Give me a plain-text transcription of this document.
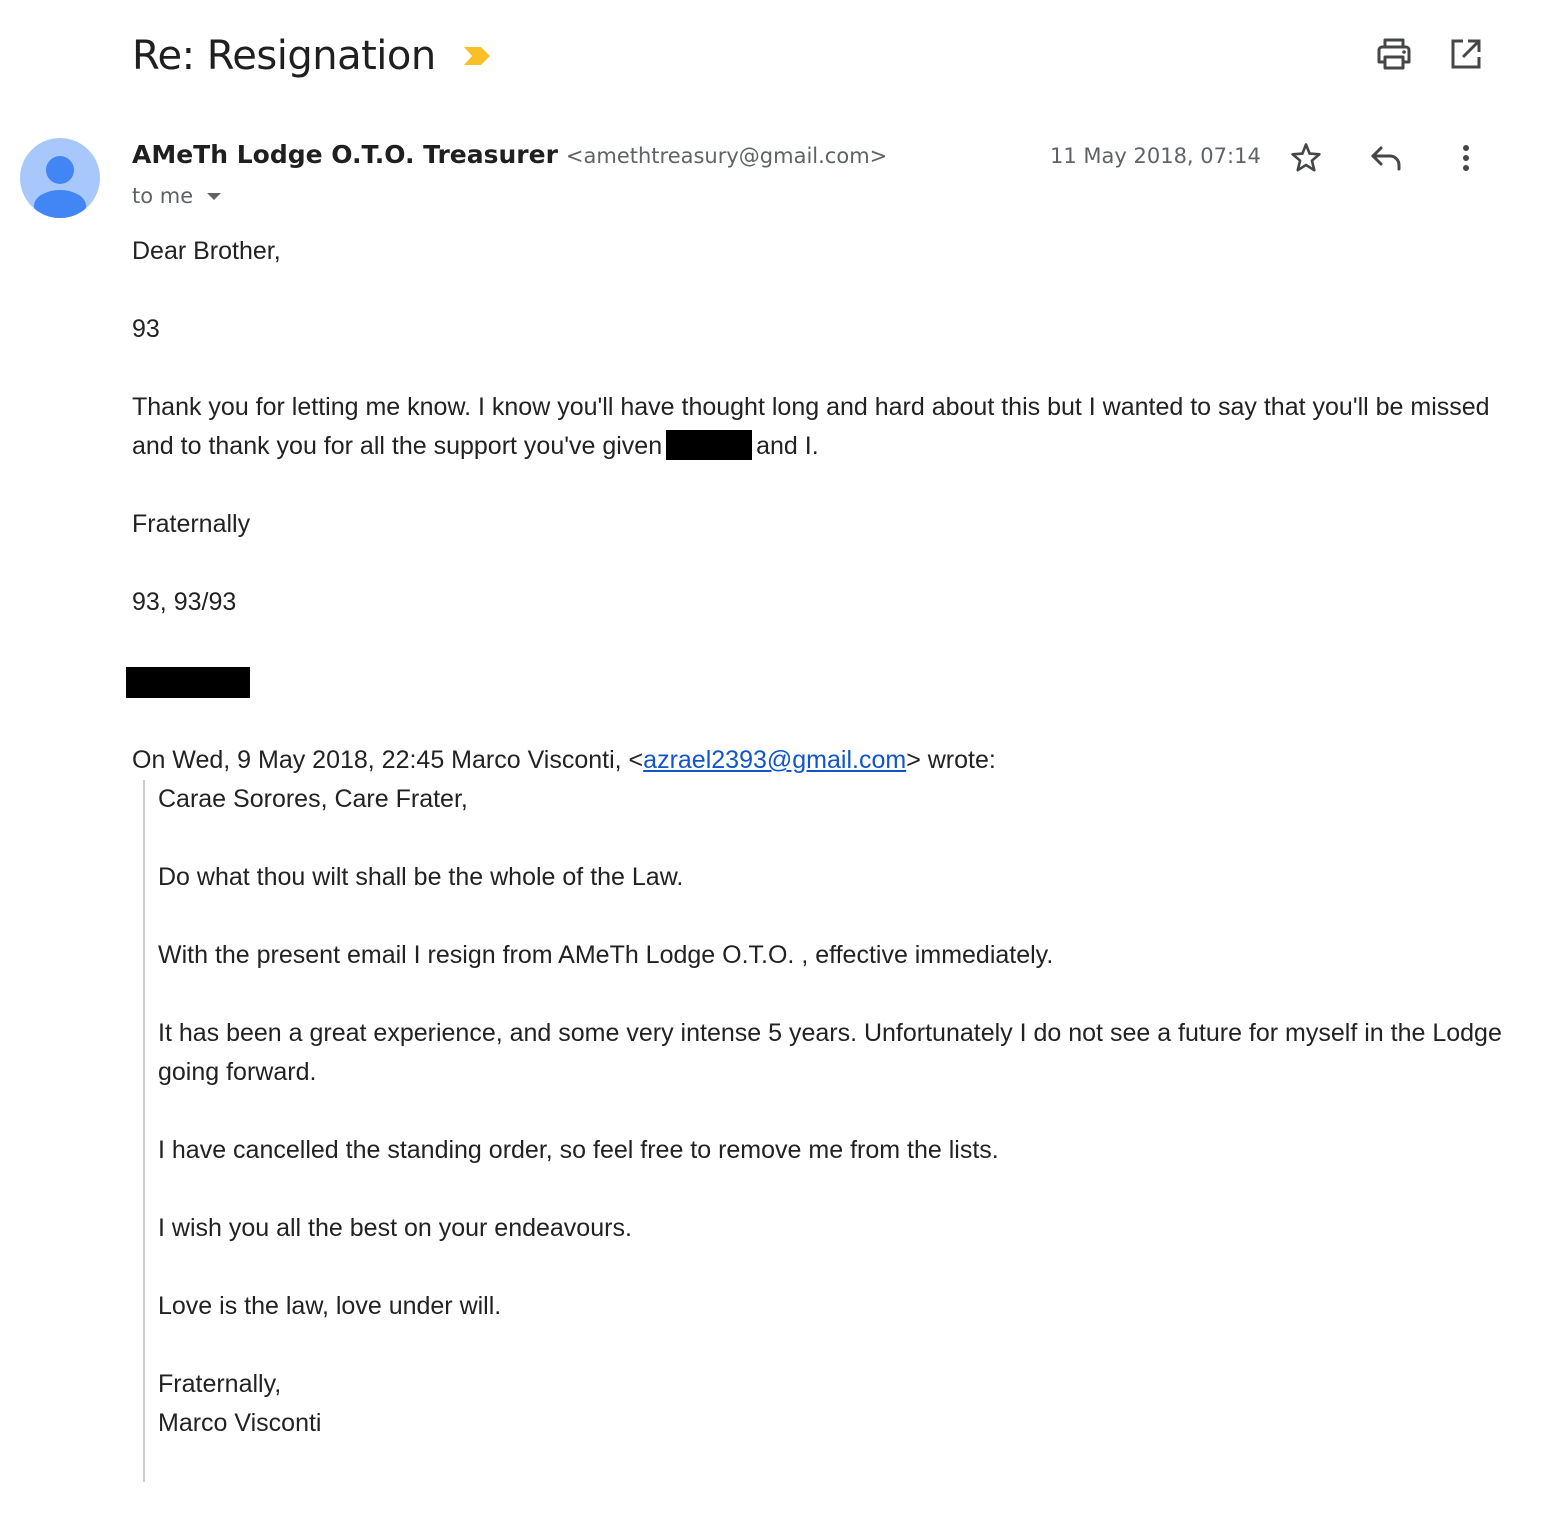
Re: Resignation
AMeTh Lodge O.T.O. Treasurer <amethtreasury@gmail.com>	11 May 2018, 07:14
to me

Dear Brother,

93

Thank you for letting me know. I know you'll have thought long and hard about this but I wanted to say that you'll be missed and to thank you for all the support you've given	and I.

Fraternally

93, 93/93

On Wed, 9 May 2018, 22:45 Marco Visconti, <azrael2393@gmail.com> wrote:

Carae Sorores, Care Frater,

Do what thou wilt shall be the whole of the Law.

With the present email I resign from AMeTh Lodge O.T.O. , effective immediately.

It has been a great experience, and some very intense 5 years. Unfortunately I do not see a future for myself in the Lodge going forward.

I have cancelled the standing order, so feel free to remove me from the lists.

I wish you all the best on your endeavours.

Love is the law, love under will.

Fraternally,

Marco Visconti
